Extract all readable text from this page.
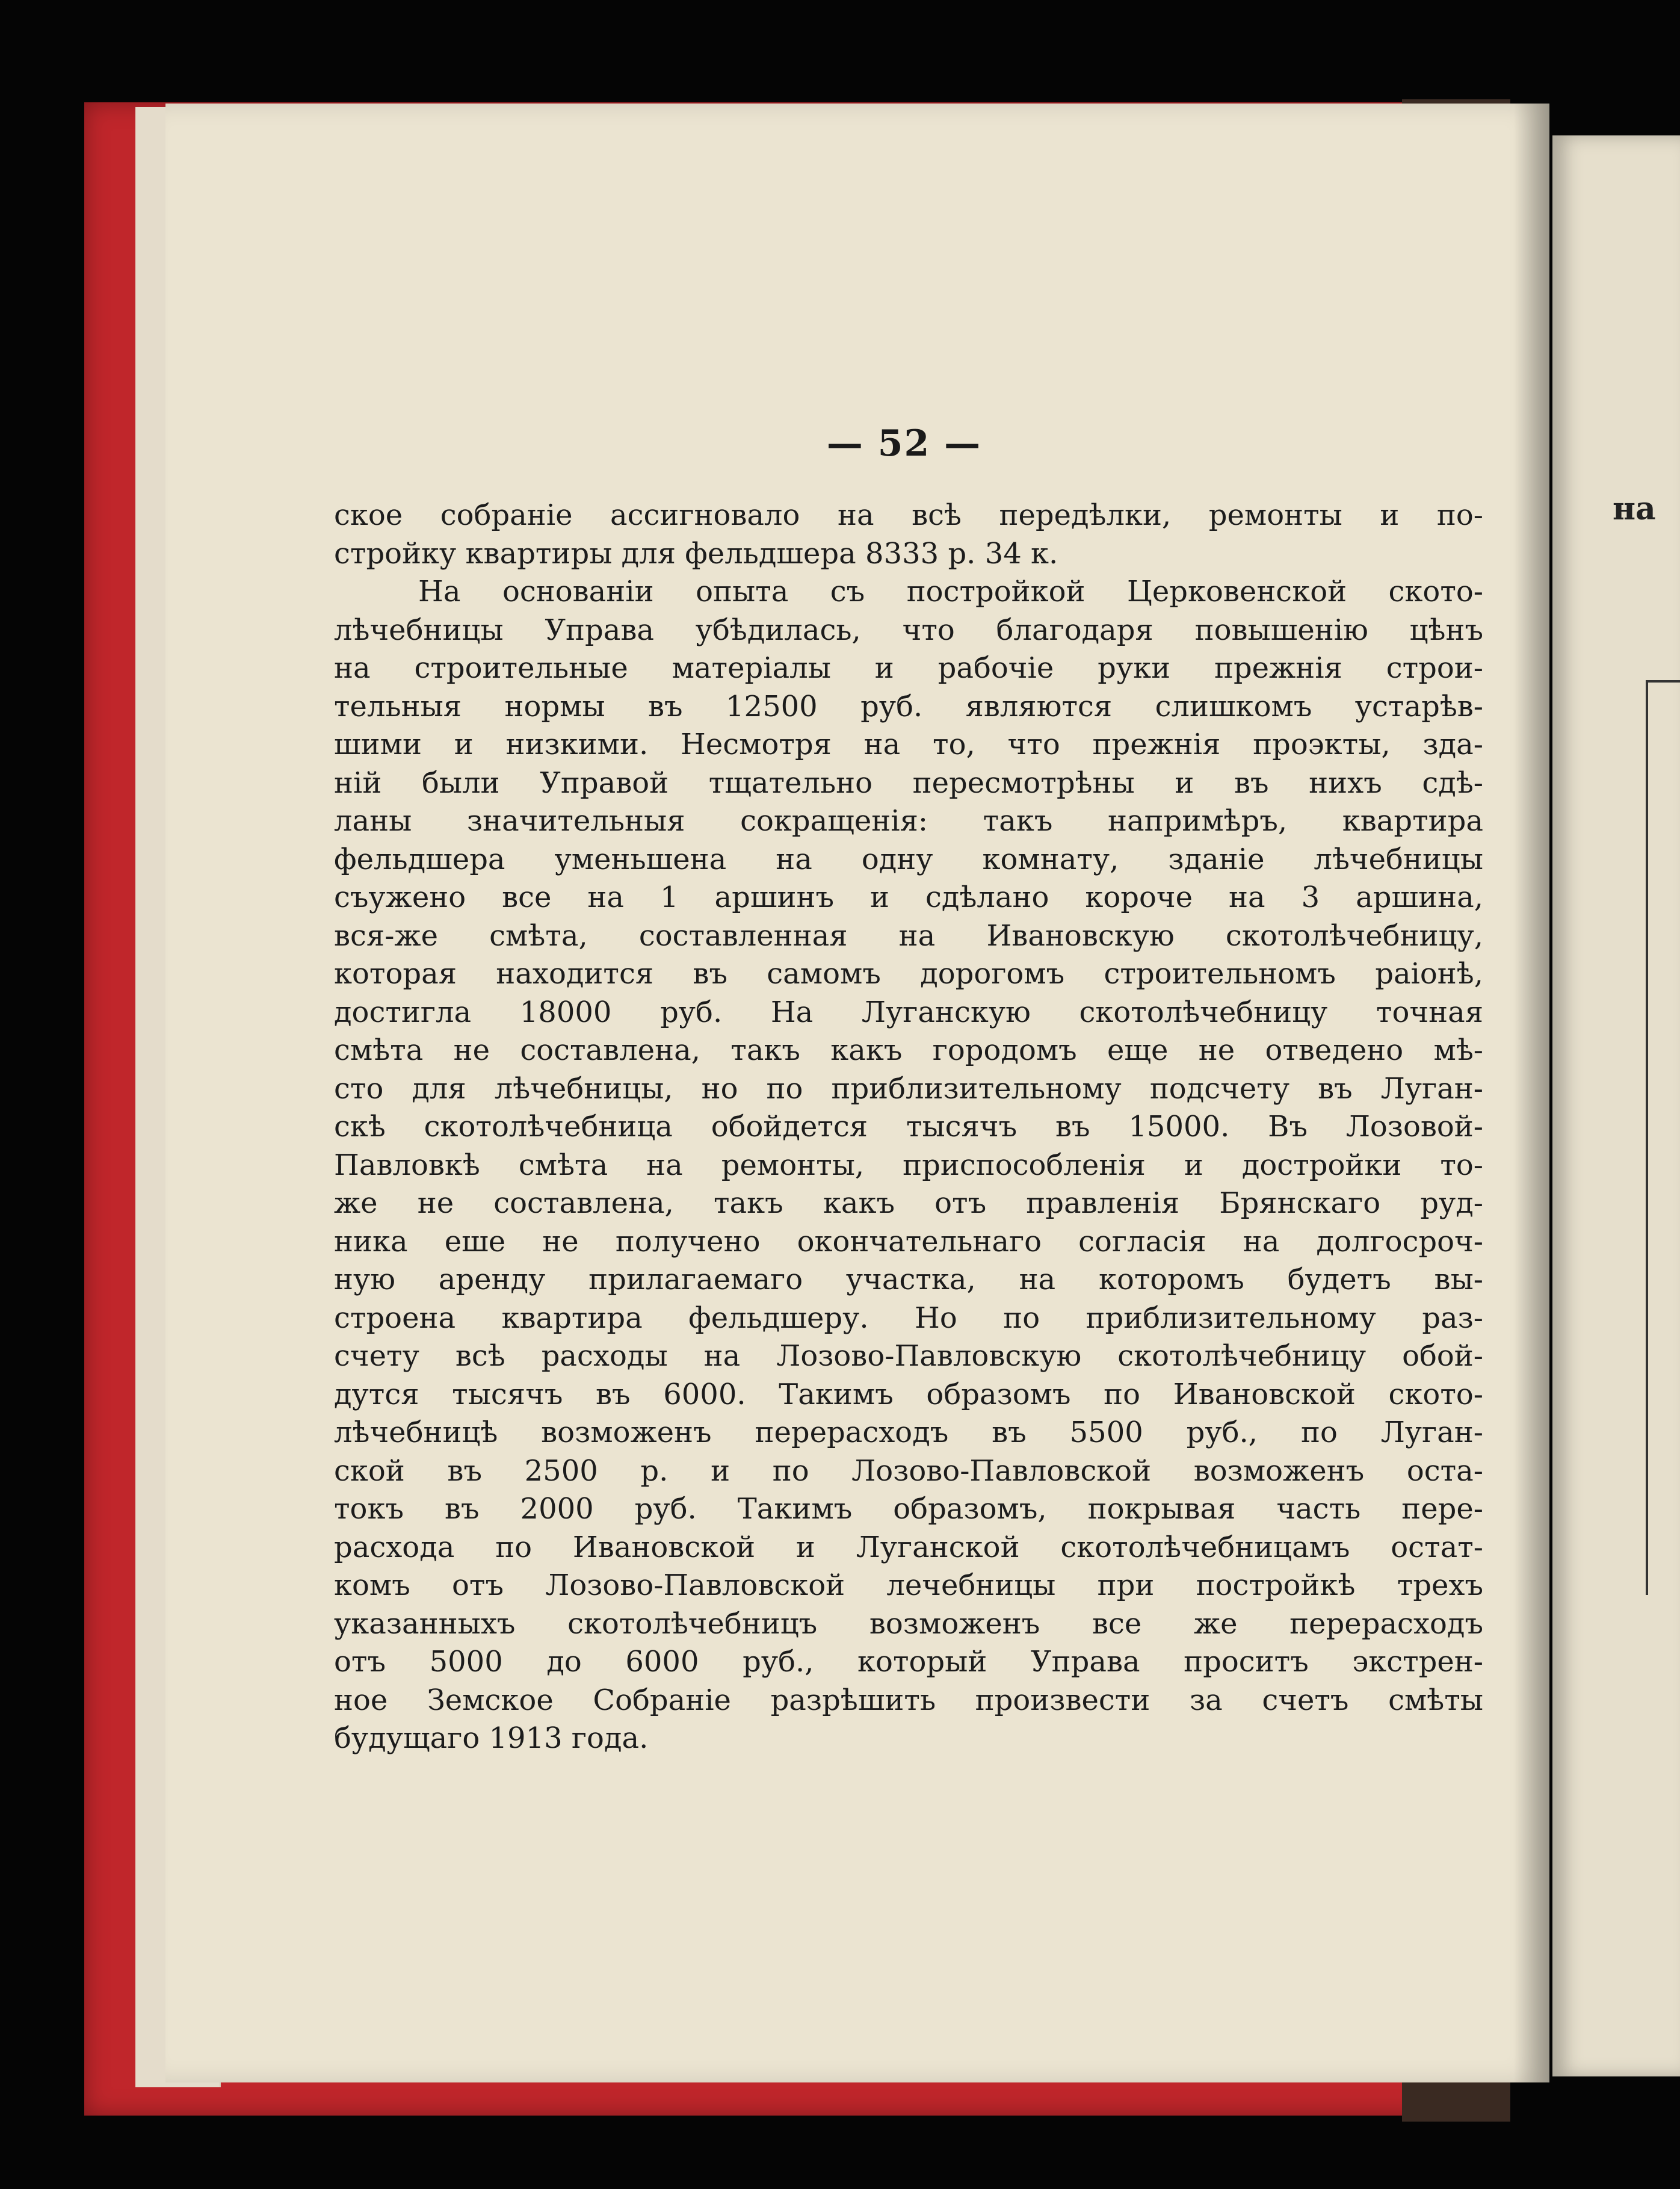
на
— 52 —
ское собраніе ассигновало на всѣ передѣлки, ремонты и по-
стройку квартиры для фельдшера 8333 р. 34 к.
На основаніи опыта съ постройкой Церковенской ското-
лѣчебницы Управа убѣдилась, что благодаря повышенію цѣнъ
на строительные матеріалы и рабочіе руки прежнія строи-
тельныя нормы въ 12500 руб. являются слишкомъ устарѣв-
шими и низкими. Несмотря на то, что прежнія проэкты, зда-
ній были Управой тщательно пересмотрѣны и въ нихъ сдѣ-
ланы значительныя сокращенія: такъ напримѣръ, квартира
фельдшера уменьшена на одну комнату, зданіе лѣчебницы
съужено все на 1 аршинъ и сдѣлано короче на 3 аршина,
вся-же смѣта, составленная на Ивановскую скотолѣчебницу,
которая находится въ самомъ дорогомъ строительномъ раіонѣ,
достигла 18000 руб. На Луганскую скотолѣчебницу точная
смѣта не составлена, такъ какъ городомъ еще не отведено мѣ-
сто для лѣчебницы, но по приблизительному подсчету въ Луган-
скѣ скотолѣчебница обойдется тысячъ въ 15000. Въ Лозовой-
Павловкѣ смѣта на ремонты, приспособленія и достройки то-
же не составлена, такъ какъ отъ правленія Брянскаго руд-
ника еше не получено окончательнаго согласія на долгосроч-
ную аренду прилагаемаго участка, на которомъ будетъ вы-
строена квартира фельдшеру. Но по приблизительному раз-
счету всѣ расходы на Лозово-Павловскую скотолѣчебницу обой-
дутся тысячъ въ 6000. Такимъ образомъ по Ивановской ското-
лѣчебницѣ возможенъ перерасходъ въ 5500 руб., по Луган-
ской въ 2500 р. и по Лозово-Павловской возможенъ оста-
токъ въ 2000 руб. Такимъ образомъ, покрывая часть пере-
расхода по Ивановской и Луганской скотолѣчебницамъ остат-
комъ отъ Лозово-Павловской лечебницы при постройкѣ трехъ
указанныхъ скотолѣчебницъ возможенъ все же перерасходъ
отъ 5000 до 6000 руб., который Управа проситъ экстрен-
ное Земское Собраніе разрѣшить произвести за счетъ смѣты
будущаго 1913 года.
